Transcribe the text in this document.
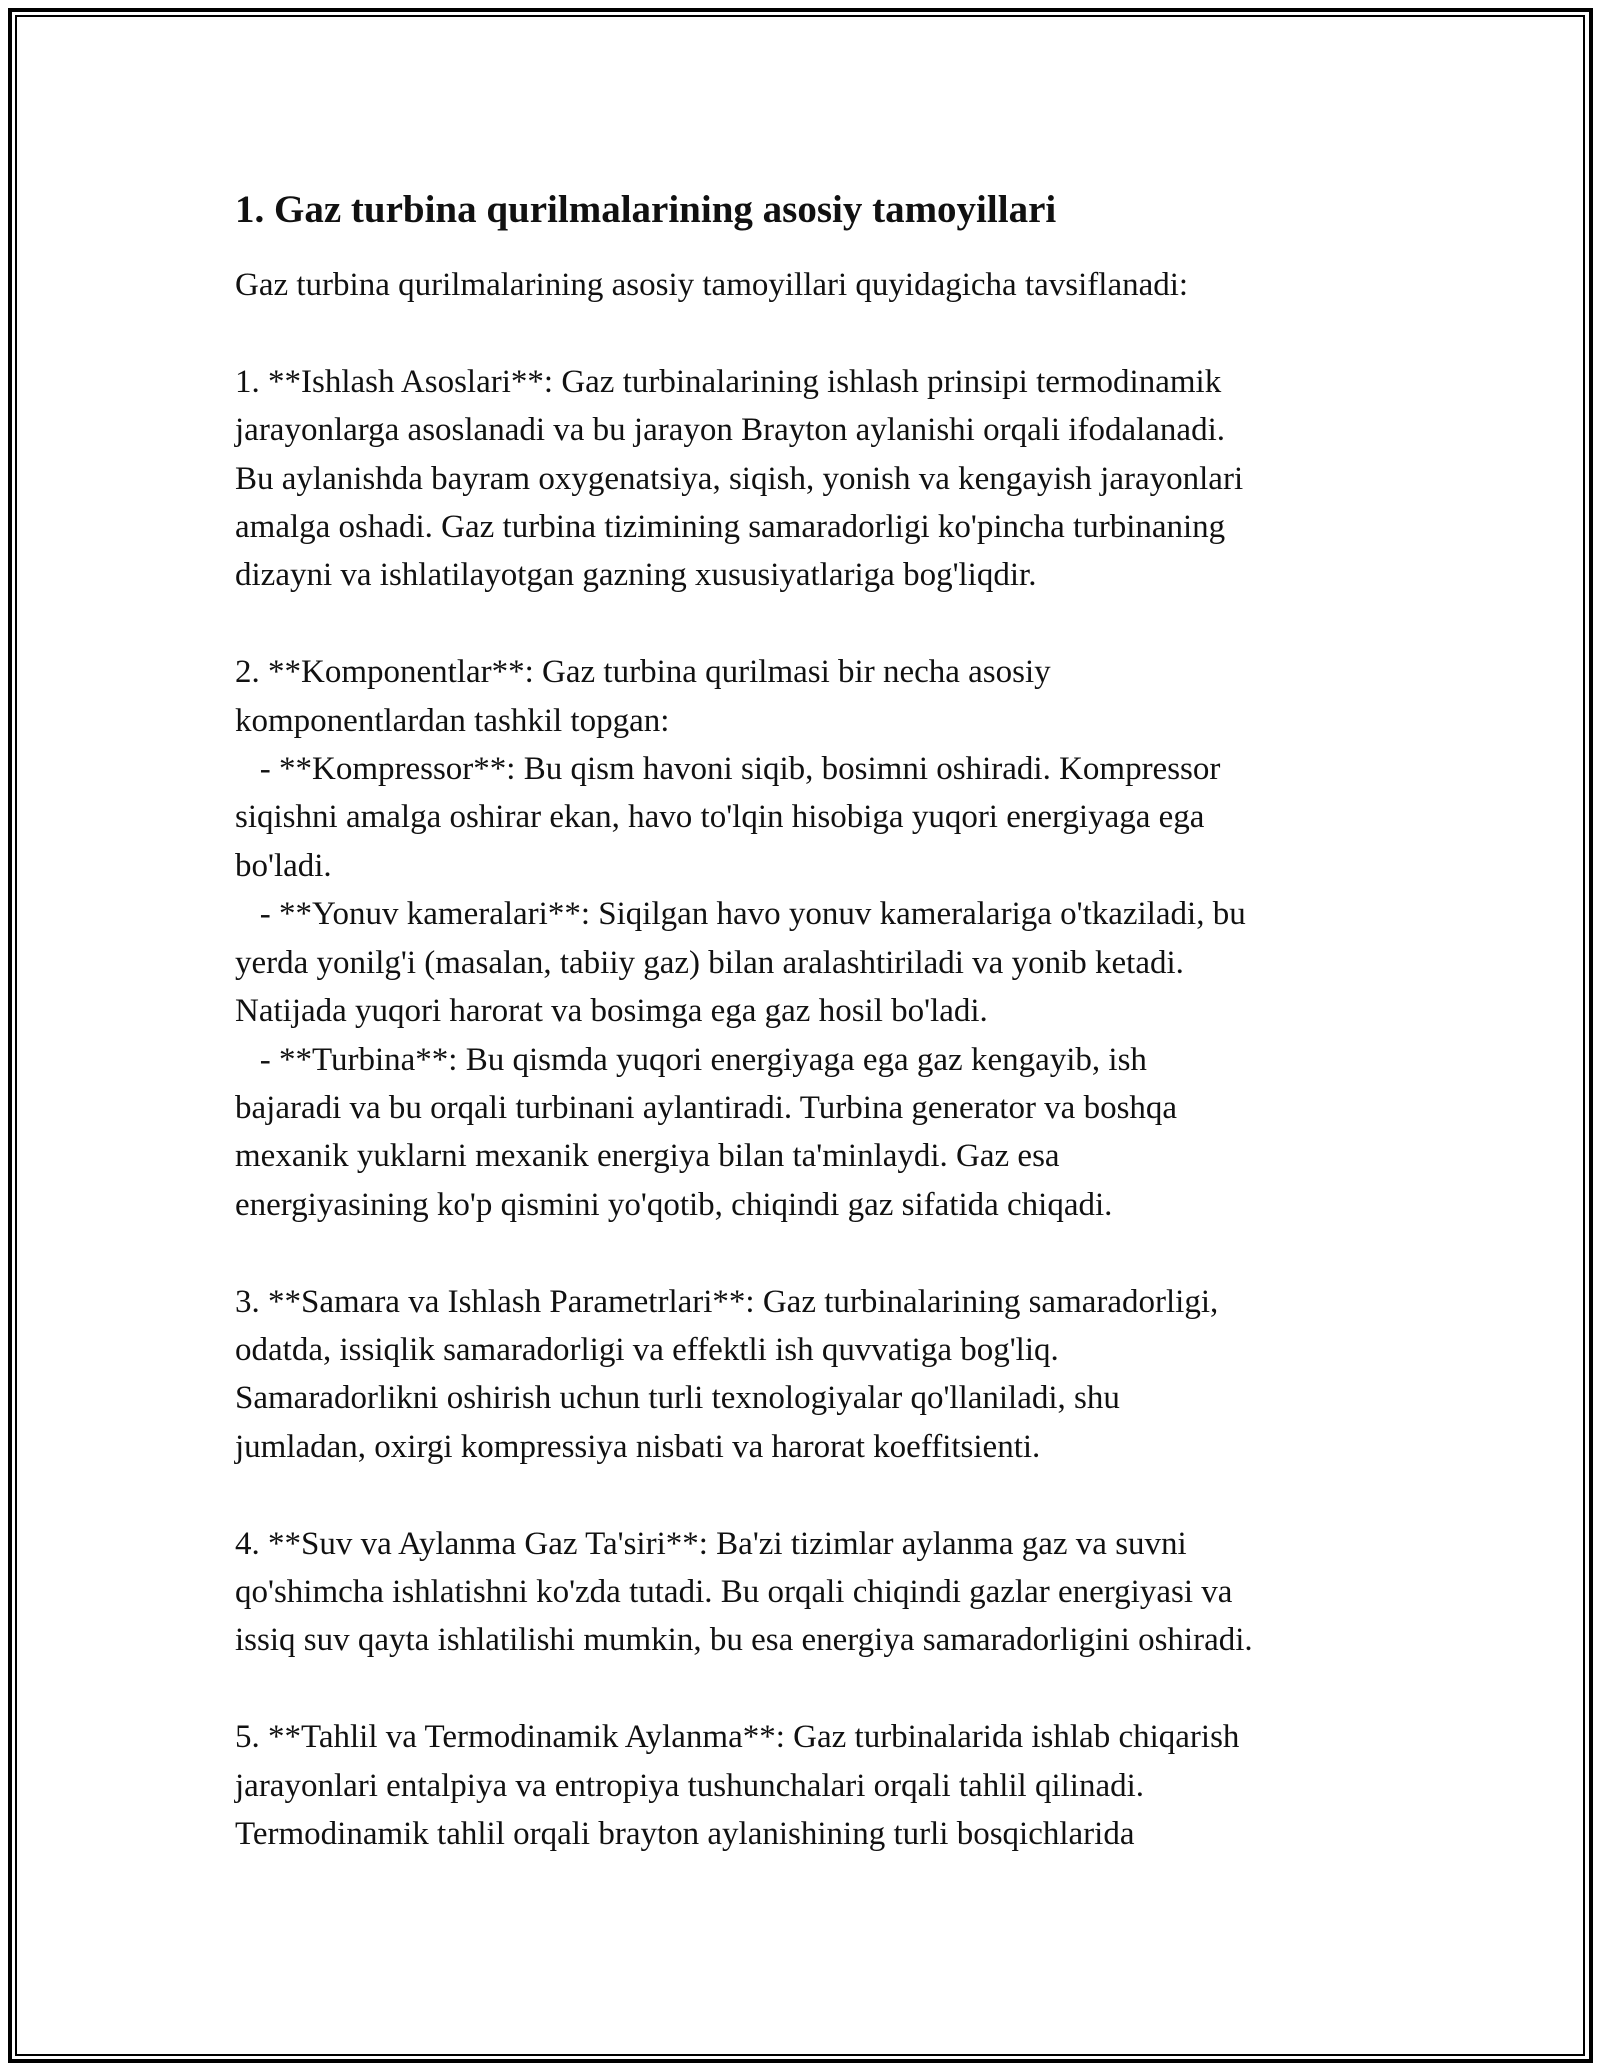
1. Gaz turbina qurilmalarining asosiy tamoyillari

Gaz turbina qurilmalarining asosiy tamoyillari quyidagicha tavsiflanadi:

1. **Ishlash Asoslari**: Gaz turbinalarining ishlash prinsipi termodinamik
jarayonlarga asoslanadi va bu jarayon Brayton aylanishi orqali ifodalanadi.
Bu aylanishda bayram oxygenatsiya, siqish, yonish va kengayish jarayonlari
amalga oshadi. Gaz turbina tizimining samaradorligi ko'pincha turbinaning
dizayni va ishlatilayotgan gazning xususiyatlariga bog'liqdir.

2. **Komponentlar**: Gaz turbina qurilmasi bir necha asosiy
komponentlardan tashkil topgan:
- **Kompressor**: Bu qism havoni siqib, bosimni oshiradi. Kompressor
siqishni amalga oshirar ekan, havo to'lqin hisobiga yuqori energiyaga ega
bo'ladi.
- **Yonuv kameralari**: Siqilgan havo yonuv kameralariga o'tkaziladi, bu
yerda yonilg'i (masalan, tabiiy gaz) bilan aralashtiriladi va yonib ketadi.
Natijada yuqori harorat va bosimga ega gaz hosil bo'ladi.
- **Turbina**: Bu qismda yuqori energiyaga ega gaz kengayib, ish
bajaradi va bu orqali turbinani aylantiradi. Turbina generator va boshqa
mexanik yuklarni mexanik energiya bilan ta'minlaydi. Gaz esa
energiyasining ko'p qismini yo'qotib, chiqindi gaz sifatida chiqadi.

3. **Samara va Ishlash Parametrlari**: Gaz turbinalarining samaradorligi,
odatda, issiqlik samaradorligi va effektli ish quvvatiga bog'liq.
Samaradorlikni oshirish uchun turli texnologiyalar qo'llaniladi, shu
jumladan, oxirgi kompressiya nisbati va harorat koeffitsienti.

4. **Suv va Aylanma Gaz Ta'siri**: Ba'zi tizimlar aylanma gaz va suvni
qo'shimcha ishlatishni ko'zda tutadi. Bu orqali chiqindi gazlar energiyasi va
issiq suv qayta ishlatilishi mumkin, bu esa energiya samaradorligini oshiradi.

5. **Tahlil va Termodinamik Aylanma**: Gaz turbinalarida ishlab chiqarish
jarayonlari entalpiya va entropiya tushunchalari orqali tahlil qilinadi.
Termodinamik tahlil orqali brayton aylanishining turli bosqichlarida
